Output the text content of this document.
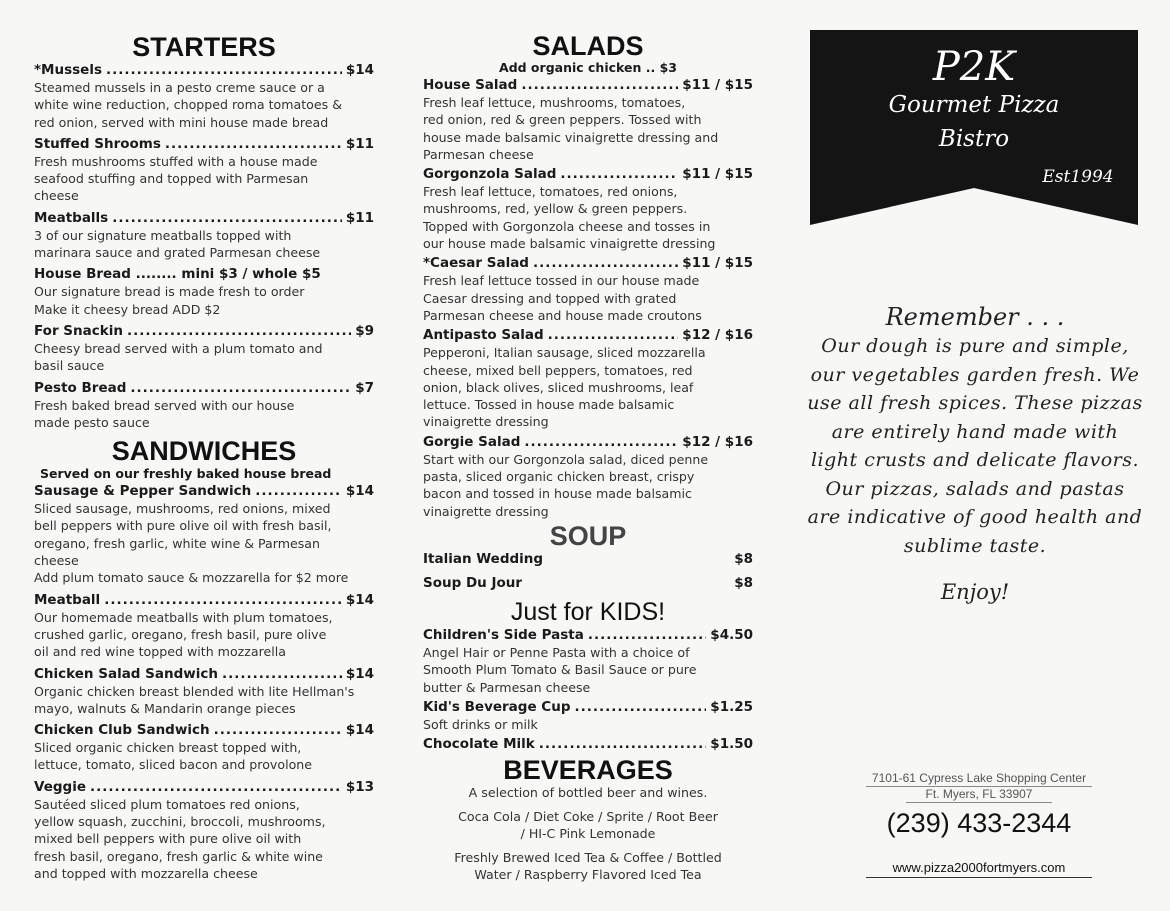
STARTERS
*Mussels .....	$14
Steamed mussels in a pesto creme sauce or a
white wine reduction, chopped roma tomatoes &
red onion, served with mini house made bread
Stuffed Shrooms .....	$11
Fresh mushrooms stuffed with a house made
seafood stuffing and topped with Parmesan
cheese
Meatballs .....	$11
3 of our signature meatballs topped with
marinara sauce and grated Parmesan cheese
House Bread ........ mini $3 / whole $5
Our signature bread is made fresh to order
Make it cheesy bread ADD $2
For Snackin .....	$9
Cheesy bread served with a plum tomato and
basil sauce
Pesto Bread .....	$7
Fresh baked bread served with our house
made pesto sauce
SANDWICHES
Served on our freshly baked house bread
Sausage & Pepper Sandwich .....	$14
Sliced sausage, mushrooms, red onions, mixed
bell peppers with pure olive oil with fresh basil,
oregano, fresh garlic, white wine & Parmesan
cheese
Add plum tomato sauce & mozzarella for $2 more
Meatball .....	$14
Our homemade meatballs with plum tomatoes,
crushed garlic, oregano, fresh basil, pure olive
oil and red wine topped with mozzarella
Chicken Salad Sandwich .....	$14
Organic chicken breast blended with lite Hellman's
mayo, walnuts & Mandarin orange pieces
Chicken Club Sandwich .....	$14
Sliced organic chicken breast topped with,
lettuce, tomato, sliced bacon and provolone
Veggie .....	$13
Sautéed sliced plum tomatoes red onions,
yellow squash, zucchini, broccoli, mushrooms,
mixed bell peppers with pure olive oil with
fresh basil, oregano, fresh garlic & white wine
and topped with mozzarella cheese
SALADS
Add organic chicken .. $3
House Salad .....	$11 / $15
Fresh leaf lettuce, mushrooms, tomatoes,
red onion, red & green peppers. Tossed with
house made balsamic vinaigrette dressing and
Parmesan cheese
Gorgonzola Salad .....	$11 / $15
Fresh leaf lettuce, tomatoes, red onions,
mushrooms, red, yellow & green peppers.
Topped with Gorgonzola cheese and tosses in
our house made balsamic vinaigrette dressing
*Caesar Salad .....	$11 / $15
Fresh leaf lettuce tossed in our house made
Caesar dressing and topped with grated
Parmesan cheese and house made croutons
Antipasto Salad .....	$12 / $16
Pepperoni, Italian sausage, sliced mozzarella
cheese, mixed bell peppers, tomatoes, red
onion, black olives, sliced mushrooms, leaf
lettuce. Tossed in house made balsamic
vinaigrette dressing
Gorgie Salad .....	$12 / $16
Start with our Gorgonzola salad, diced penne
pasta, sliced organic chicken breast, crispy
bacon and tossed in house made balsamic
vinaigrette dressing
SOUP
Italian Wedding	$8
Soup Du Jour	$8
Just for KIDS!
Children's Side Pasta .....	$4.50
Angel Hair or Penne Pasta with a choice of
Smooth Plum Tomato & Basil Sauce or pure
butter & Parmesan cheese
Kid's Beverage Cup .....	$1.25
Soft drinks or milk
Chocolate Milk .....	$1.50
BEVERAGES
A selection of bottled beer and wines.
Coca Cola / Diet Coke / Sprite / Root Beer
/ HI-C Pink Lemonade
Freshly Brewed Iced Tea & Coffee / Bottled
Water / Raspberry Flavored Iced Tea
P2K
Gourmet Pizza
Bistro
Est1994
Remember . . .
Our dough is pure and simple,
our vegetables garden fresh. We
use all fresh spices. These pizzas
are entirely hand made with
light crusts and delicate flavors.
Our pizzas, salads and pastas
are indicative of good health and
sublime taste.
Enjoy!
7101-61 Cypress Lake Shopping Center
Ft. Myers, FL 33907
(239) 433-2344
www.pizza2000fortmyers.com
